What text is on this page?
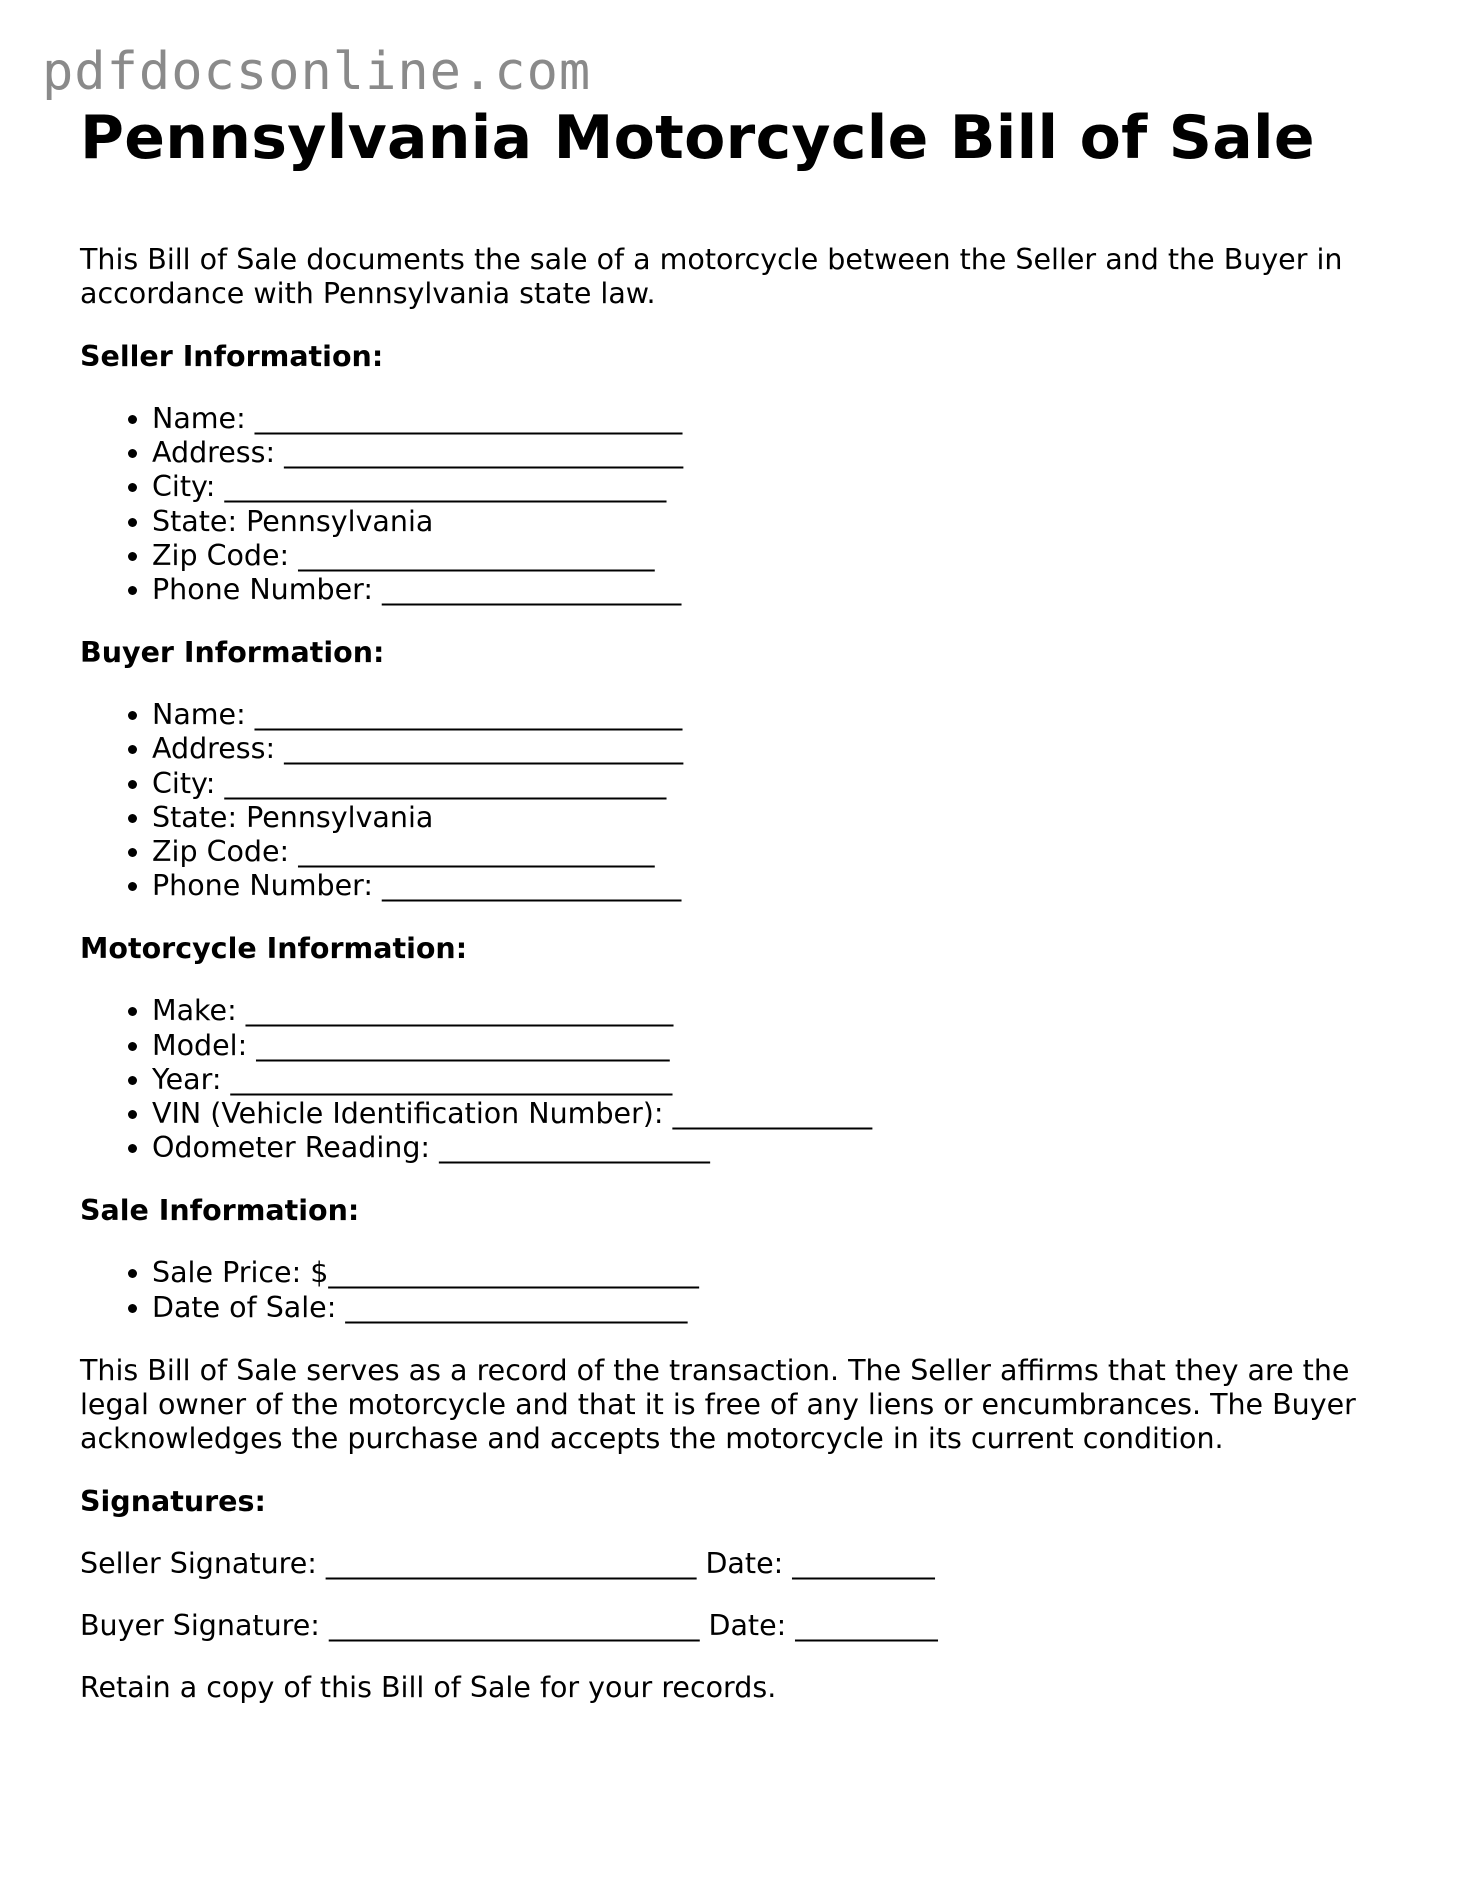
pdfdocsonline.com
Pennsylvania Motorcycle Bill of Sale

This Bill of Sale documents the sale of a motorcycle between the Seller and the Buyer in accordance with Pennsylvania state law.

Seller Information:
• Name: ______________________________
• Address: ____________________________
• City: _______________________________
• State: Pennsylvania
• Zip Code: _________________________
• Phone Number: _____________________
Buyer Information:
• Name: ______________________________
• Address: ____________________________
• City: _______________________________
• State: Pennsylvania
• Zip Code: _________________________
• Phone Number: _____________________
Motorcycle Information:
• Make: ______________________________
• Model: _____________________________
• Year: _______________________________
• VIN (Vehicle Identification Number): ______________
• Odometer Reading: ___________________
Sale Information:
• Sale Price: $__________________________
• Date of Sale: ________________________

This Bill of Sale serves as a record of the transaction. The Seller affirms that they are the legal owner of the motorcycle and that it is free of any liens or encumbrances. The Buyer acknowledges the purchase and accepts the motorcycle in its current condition.

Signatures:

Seller Signature: __________________________ Date: __________

Buyer Signature: __________________________ Date: __________

Retain a copy of this Bill of Sale for your records.
